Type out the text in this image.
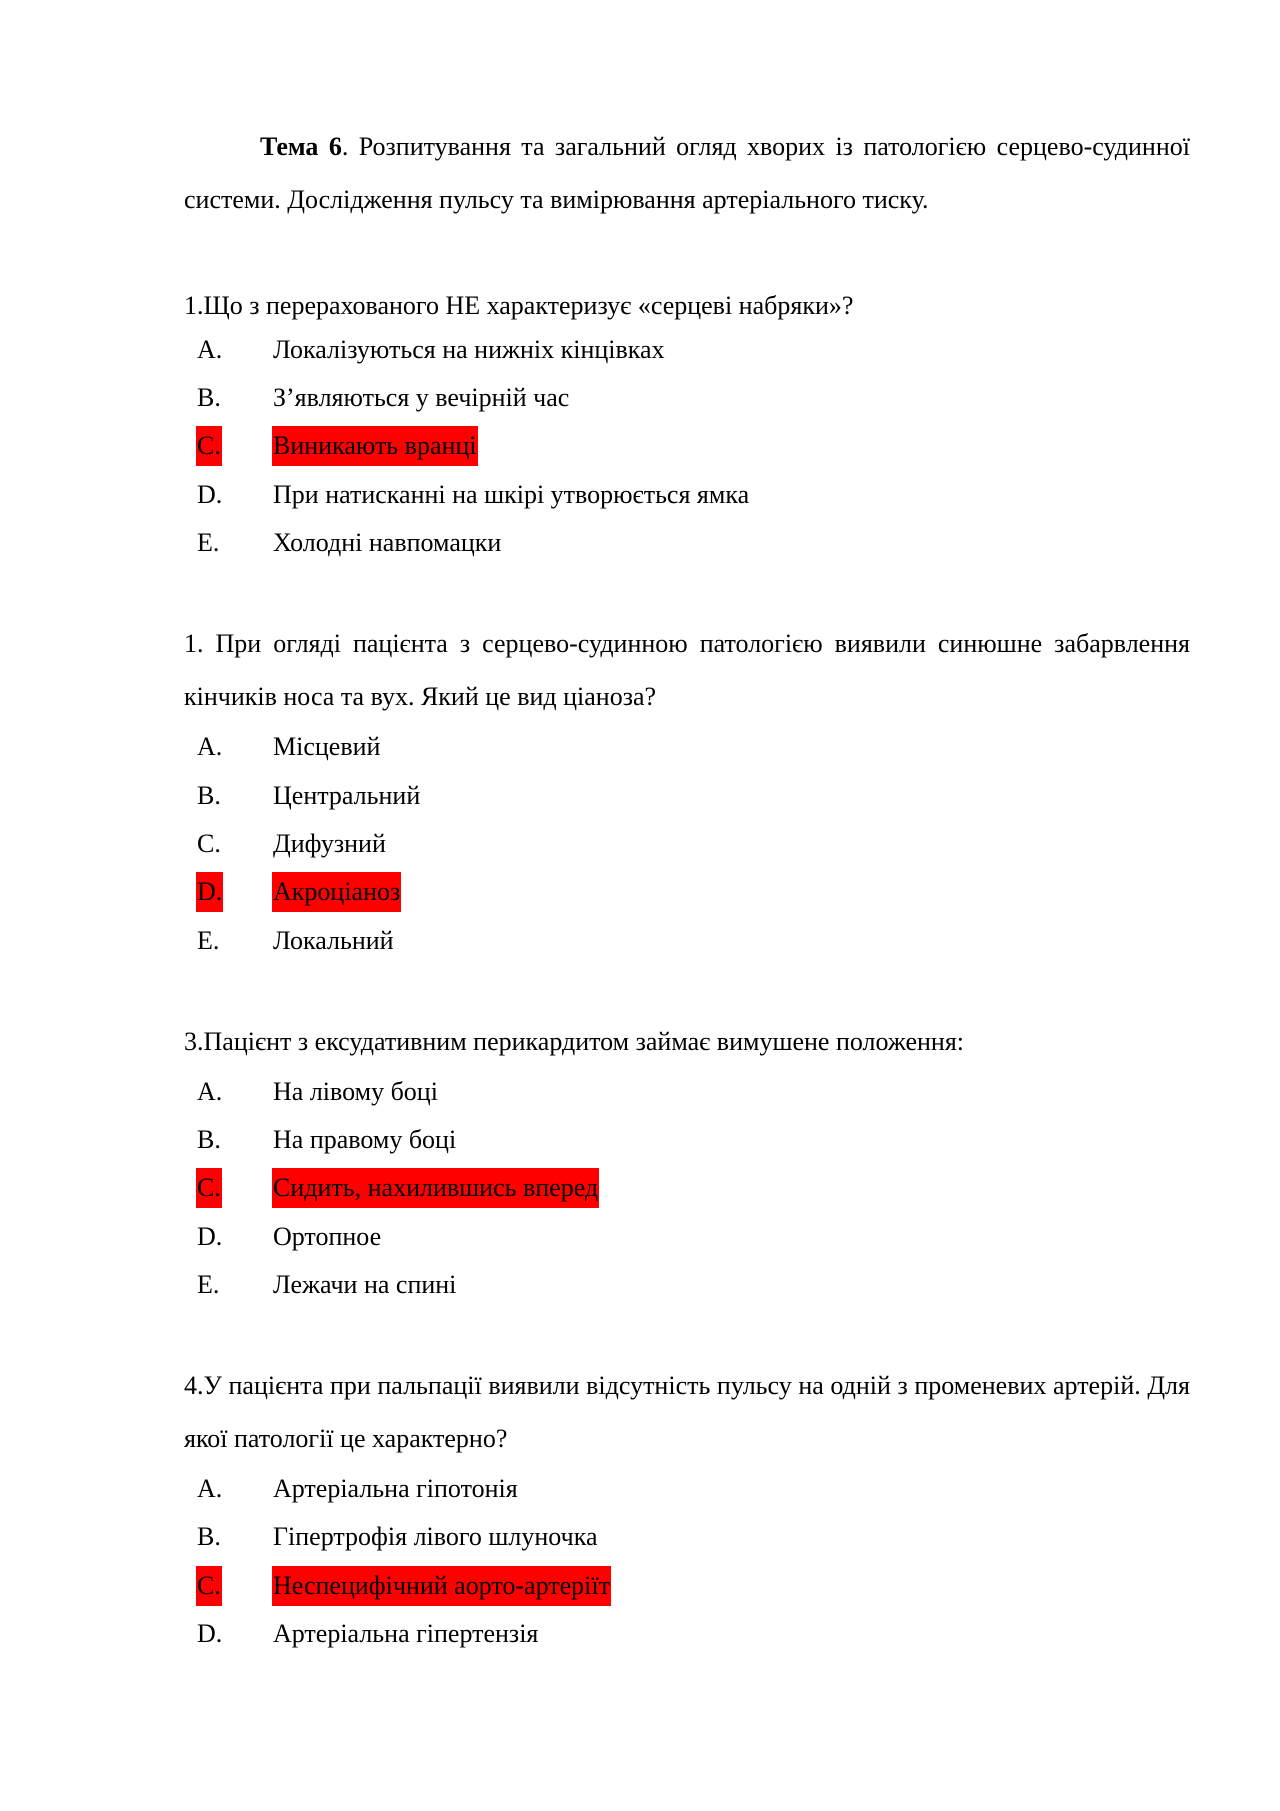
Тема 6. Розпитування та загальний огляд хворих із патологією серцево-судинної системи. Дослідження пульсу та вимірювання артеріального тиску.

1.Що з перерахованого НЕ характеризує «серцеві набряки»?

A. Локалізуються на нижніх кінцівках
B. З’являються у вечірній час
C. Виникають вранці
D. При натисканні на шкірі утворюється ямка
E. Холодні навпомацки

1. При огляді пацієнта з серцево-судинною патологією виявили синюшне забарвлення кінчиків носа та вух. Який це вид ціаноза?

A. Місцевий
B. Центральний
C. Дифузний
D. Акроціаноз
E. Локальний

3.Пацієнт з ексудативним перикардитом займає вимушене положення:

A. На лівому боці
B. На правому боці
C. Сидить, нахилившись вперед
D. Ортопное
E. Лежачи на спині

4.У пацієнта при пальпації виявили відсутність пульсу на одній з променевих артерій. Для якої патології це характерно?

A. Артеріальна гіпотонія
B. Гіпертрофія лівого шлуночка
C. Неспецифічний аорто-артеріїт
D. Артеріальна гіпертензія
